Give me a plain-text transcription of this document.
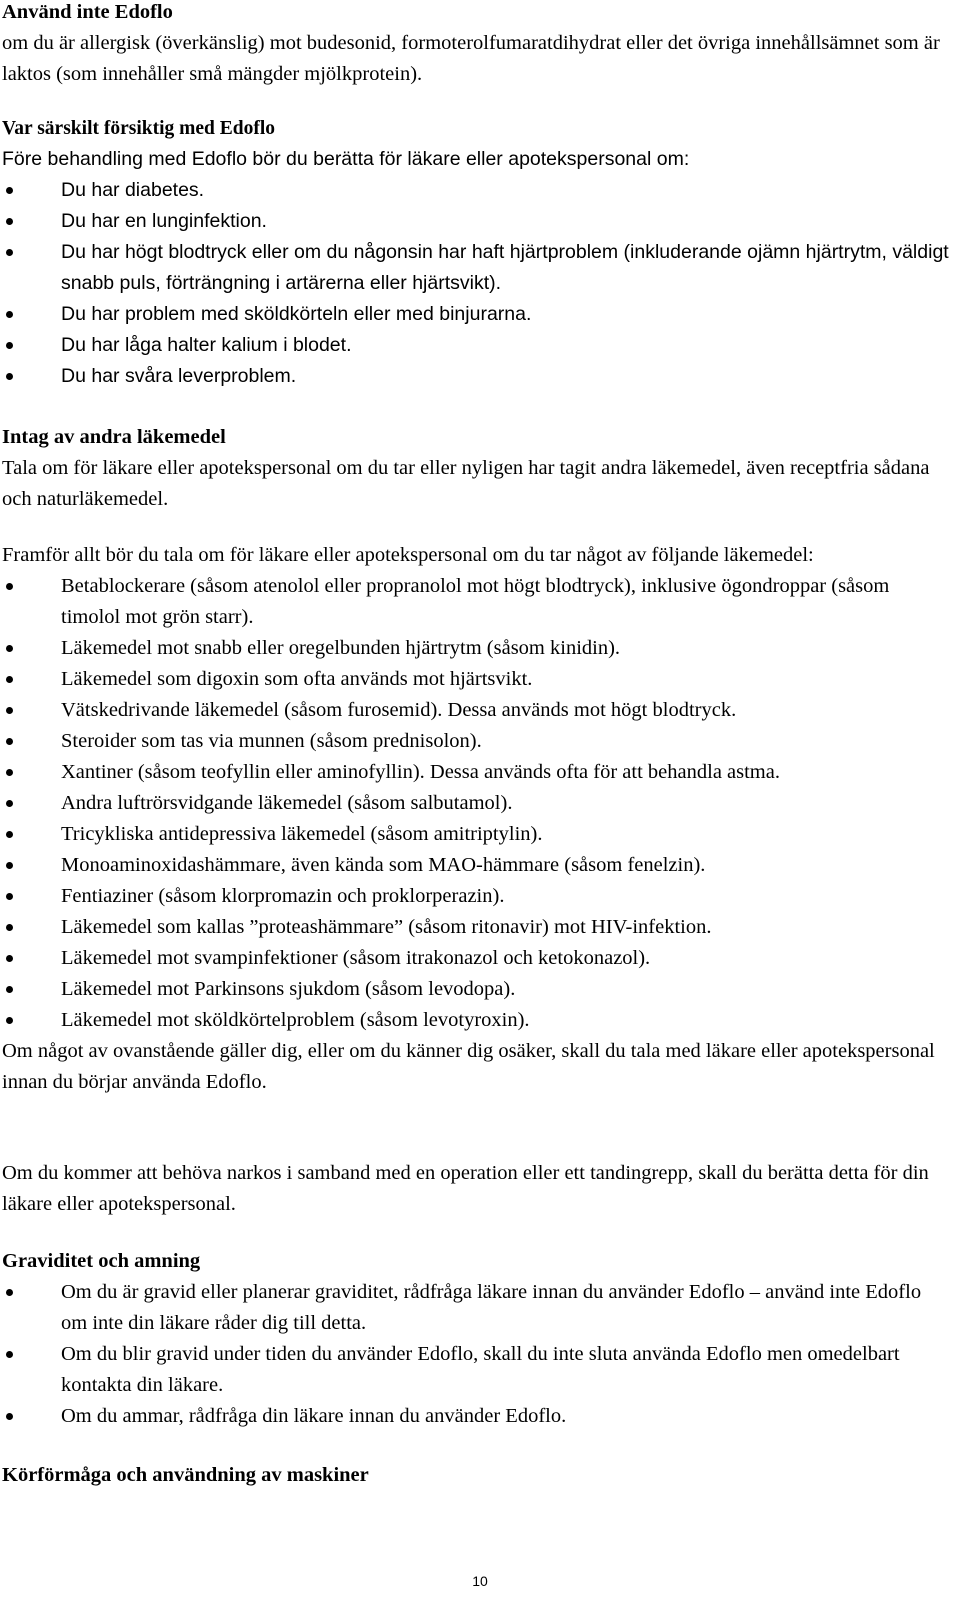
Använd inte Edoflo

om du är allergisk (överkänslig) mot budesonid, formoterolfumaratdihydrat eller det övriga innehållsämnet som är laktos (som innehåller små mängder mjölkprotein).

Var särskilt försiktig med Edoflo

Före behandling med Edoflo bör du berätta för läkare eller apotekspersonal om:

Du har diabetes.
Du har en lunginfektion.
Du har högt blodtryck eller om du någonsin har haft hjärtproblem (inkluderande ojämn hjärtrytm, väldigt snabb puls, förträngning i artärerna eller hjärtsvikt).
Du har problem med sköldkörteln eller med binjurarna.
Du har låga halter kalium i blodet.
Du har svåra leverproblem.

Intag av andra läkemedel

Tala om för läkare eller apotekspersonal om du tar eller nyligen har tagit andra läkemedel, även receptfria sådana och naturläkemedel.

Framför allt bör du tala om för läkare eller apotekspersonal om du tar något av följande läkemedel:

Betablockerare (såsom atenolol eller propranolol mot högt blodtryck), inklusive ögondroppar (såsom timolol mot grön starr).
Läkemedel mot snabb eller oregelbunden hjärtrytm (såsom kinidin).
Läkemedel som digoxin som ofta används mot hjärtsvikt.
Vätskedrivande läkemedel (såsom furosemid). Dessa används mot högt blodtryck.
Steroider som tas via munnen (såsom prednisolon).
Xantiner (såsom teofyllin eller aminofyllin). Dessa används ofta för att behandla astma.
Andra luftrörsvidgande läkemedel (såsom salbutamol).
Tricykliska antidepressiva läkemedel (såsom amitriptylin).
Monoaminoxidashämmare, även kända som MAO-hämmare (såsom fenelzin).
Fentiaziner (såsom klorpromazin och proklorperazin).
Läkemedel som kallas ”proteashämmare” (såsom ritonavir) mot HIV-infektion.
Läkemedel mot svampinfektioner (såsom itrakonazol och ketokonazol).
Läkemedel mot Parkinsons sjukdom (såsom levodopa).
Läkemedel mot sköldkörtelproblem (såsom levotyroxin).

Om något av ovanstående gäller dig, eller om du känner dig osäker, skall du tala med läkare eller apotekspersonal innan du börjar använda Edoflo.

Om du kommer att behöva narkos i samband med en operation eller ett tandingrepp, skall du berätta detta för din läkare eller apotekspersonal.

Graviditet och amning

Om du är gravid eller planerar graviditet, rådfråga läkare innan du använder Edoflo – använd inte Edoflo om inte din läkare råder dig till detta.
Om du blir gravid under tiden du använder Edoflo, skall du inte sluta använda Edoflo men omedelbart kontakta din läkare.
Om du ammar, rådfråga din läkare innan du använder Edoflo.

Körförmåga och användning av maskiner

10
